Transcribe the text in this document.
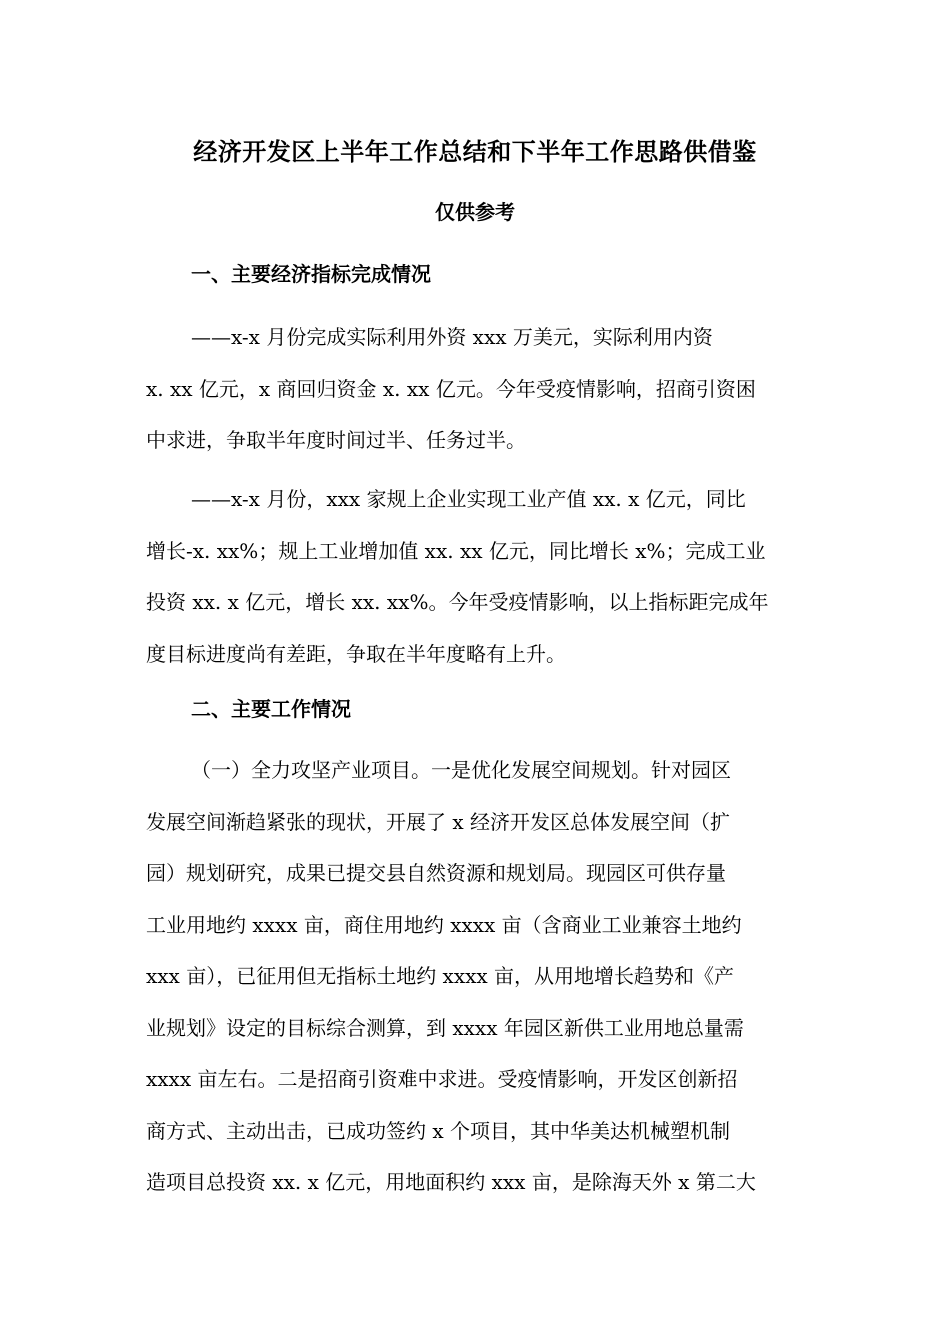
经济开发区上半年工作总结和下半年工作思路供借鉴
仅供参考
一、主要经济指标完成情况
——x-x 月份完成实际利用外资 xxx 万美元，实际利用内资
x. xx 亿元，x 商回归资金 x. xx 亿元。今年受疫情影响，招商引资困
中求进，争取半年度时间过半、任务过半。
——x-x 月份，xxx 家规上企业实现工业产值 xx. x 亿元，同比
增长-x. xx%；规上工业增加值 xx. xx 亿元，同比增长 x%；完成工业
投资 xx. x 亿元，增长 xx. xx%。今年受疫情影响，以上指标距完成年
度目标进度尚有差距，争取在半年度略有上升。
二、主要工作情况
（一）全力攻坚产业项目。一是优化发展空间规划。针对园区
发展空间渐趋紧张的现状，开展了 x 经济开发区总体发展空间（扩
园）规划研究，成果已提交县自然资源和规划局。现园区可供存量
工业用地约 xxxx 亩，商住用地约 xxxx 亩（含商业工业兼容土地约
xxx 亩），已征用但无指标土地约 xxxx 亩，从用地增长趋势和《产
业规划》设定的目标综合测算，到 xxxx 年园区新供工业用地总量需
xxxx 亩左右。二是招商引资难中求进。受疫情影响，开发区创新招
商方式、主动出击，已成功签约 x 个项目，其中华美达机械塑机制
造项目总投资 xx. x 亿元，用地面积约 xxx 亩，是除海天外 x 第二大
